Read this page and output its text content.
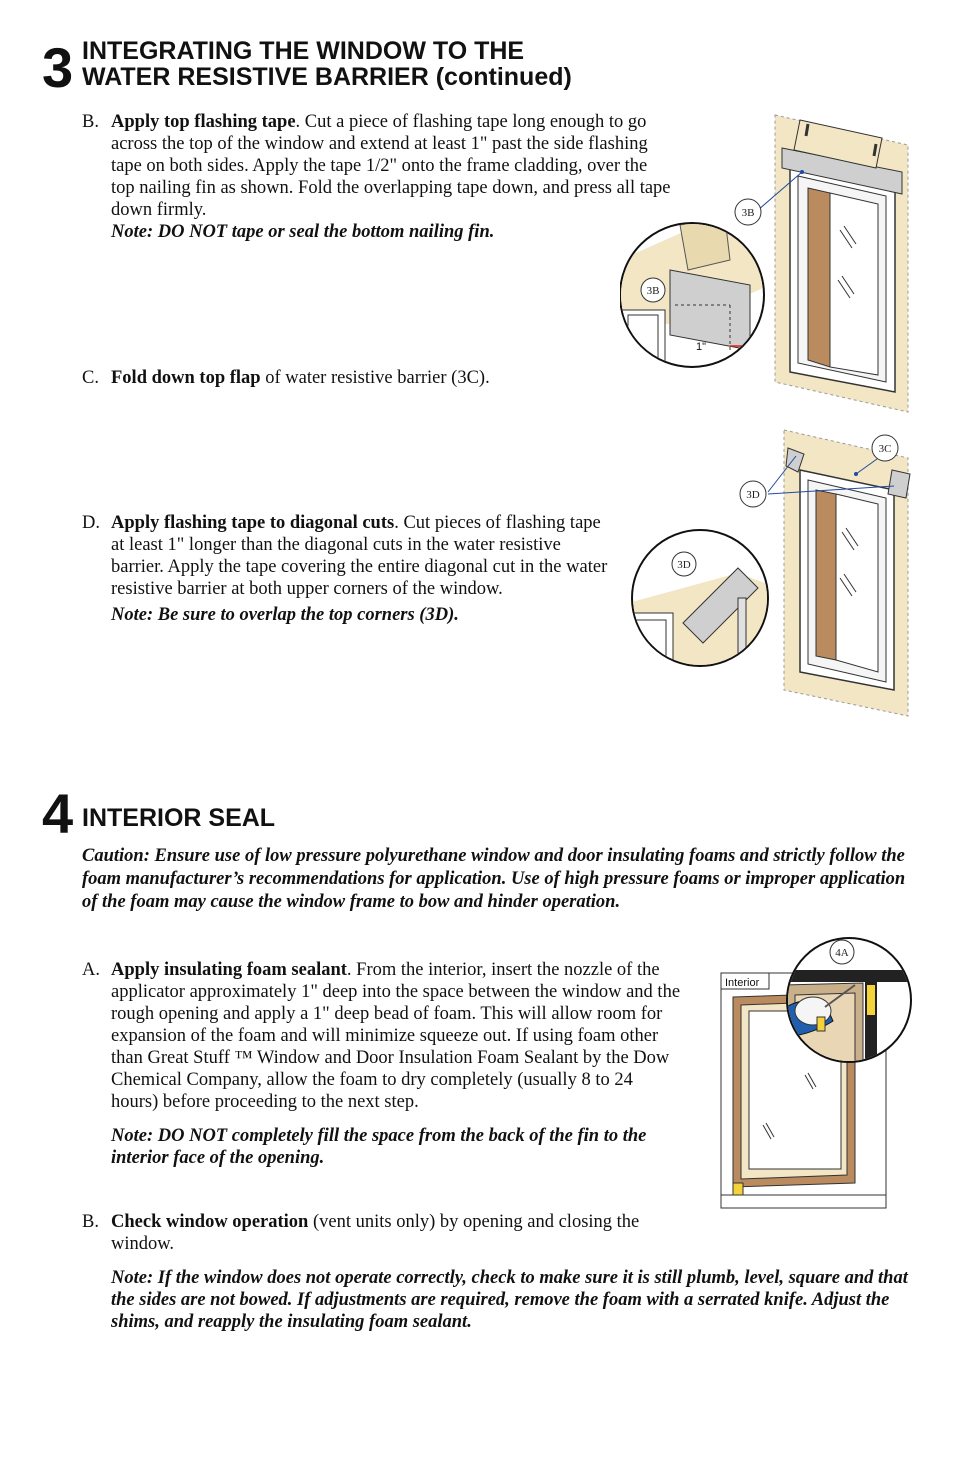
3 INTEGRATING THE WINDOW TO THE
WATER RESISTIVE BARRIER (continued)
B. Apply top flashing tape. Cut a piece of flashing tape long enough to go across the top of the window and extend at least 1" past the side flashing tape on both sides. Apply the tape 1/2" onto the frame cladding, over the top nailing fin as shown. Fold the overlapping tape down, and press all tape down firmly.
Note: DO NOT tape or seal the bottom nailing fin.
C. Fold down top flap of water resistive barrier (3C).
D. Apply flashing tape to diagonal cuts. Cut pieces of flashing tape at least 1" longer than the diagonal cuts in the water resistive barrier. Apply the tape covering the entire diagonal cut in the water resistive barrier at both upper corners of the window.
Note: Be sure to overlap the top corners (3D).
3B
3B
1"
3C
3D
3D
4 INTERIOR SEAL
Caution: Ensure use of low pressure polyurethane window and door insulating foams and strictly follow the foam manufacturer’s recommendations for application. Use of high pressure foams or improper application of the foam may cause the window frame to bow and hinder operation.
A. Apply insulating foam sealant. From the interior, insert the nozzle of the applicator approximately 1" deep into the space between the window and the rough opening and apply a 1" deep bead of foam. This will allow room for expansion of the foam and will minimize squeeze out. If using foam other than Great Stuff ™ Window and Door Insulation Foam Sealant by the Dow Chemical Company, allow the foam to dry completely (usually 8 to 24 hours) before proceeding to the next step.
Note: DO NOT completely fill the space from the back of the fin to the interior face of the opening.
B. Check window operation (vent units only) by opening and closing the window.
Note: If the window does not operate correctly, check to make sure it is still plumb, level, square and that the sides are not bowed. If adjustments are required, remove the foam with a serrated knife. Adjust the shims, and reapply the insulating foam sealant.
Interior
4A
